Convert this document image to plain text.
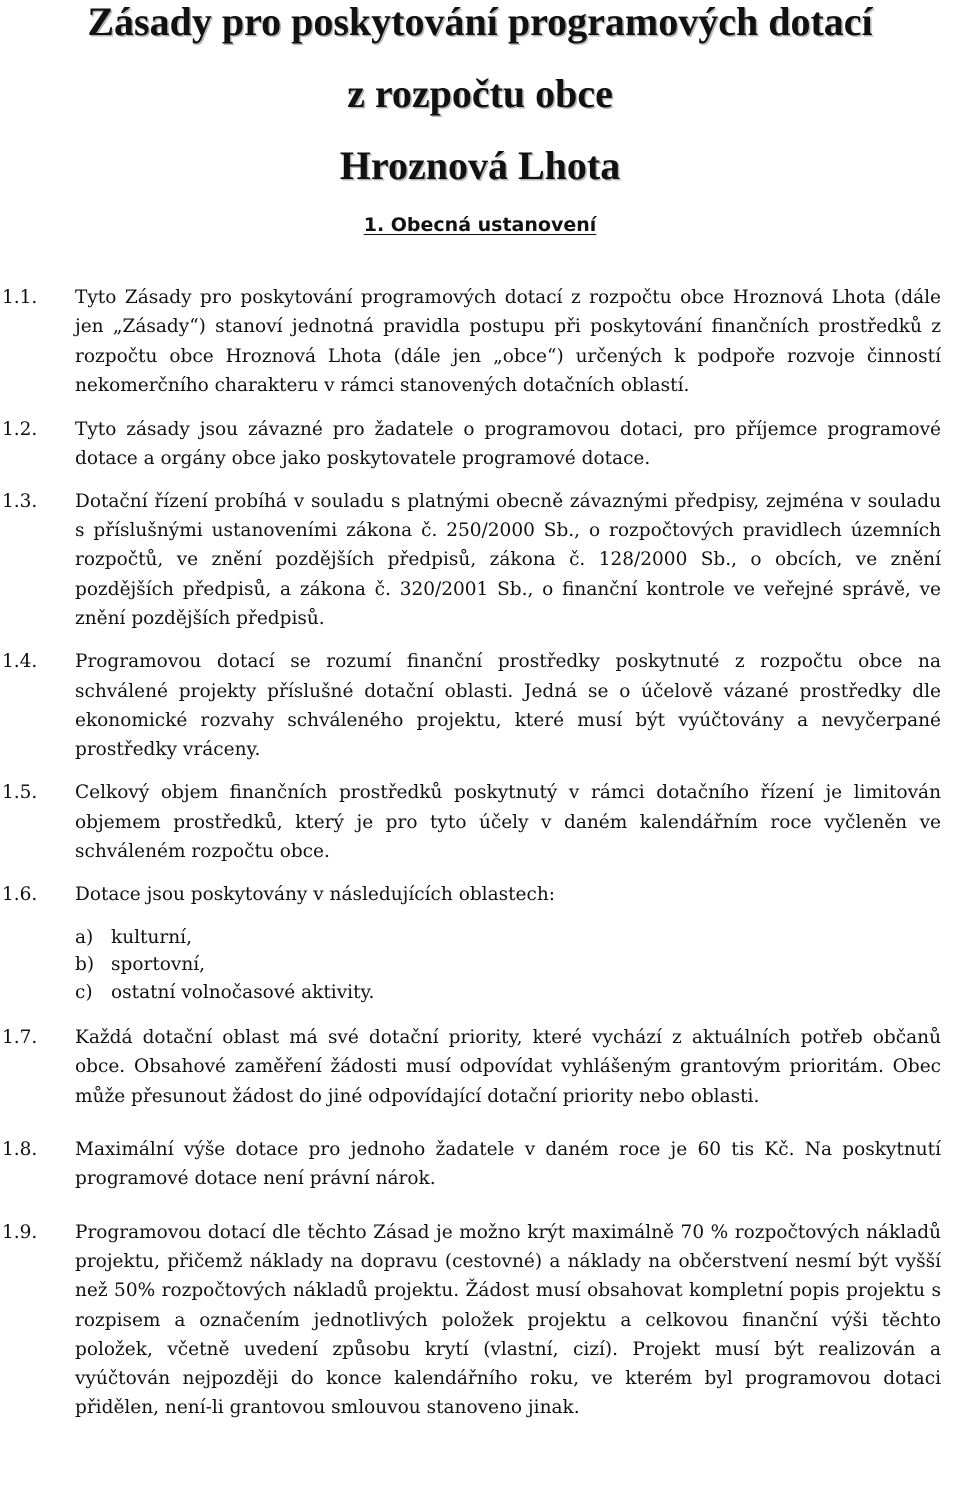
Zásady pro poskytování programových dotací
z rozpočtu obce
Hroznová Lhota
1. Obecná ustanovení
1.1. Tyto Zásady pro poskytování programových dotací z rozpočtu obce Hroznová Lhota (dále jen „Zásady“) stanoví jednotná pravidla postupu při poskytování finančních prostředků z rozpočtu obce Hroznová Lhota (dále jen „obce“) určených k podpoře rozvoje činností nekomerčního charakteru v rámci stanovených dotačních oblastí.
1.2. Tyto zásady jsou závazné pro žadatele o programovou dotaci, pro příjemce programové dotace a orgány obce jako poskytovatele programové dotace.
1.3. Dotační řízení probíhá v souladu s platnými obecně závaznými předpisy, zejména v souladu s příslušnými ustanoveními zákona č. 250/2000 Sb., o rozpočtových pravidlech územních rozpočtů, ve znění pozdějších předpisů, zákona č. 128/2000 Sb., o obcích, ve znění pozdějších předpisů, a zákona č. 320/2001 Sb., o finanční kontrole ve veřejné správě, ve znění pozdějších předpisů.
1.4. Programovou dotací se rozumí finanční prostředky poskytnuté z rozpočtu obce na schválené projekty příslušné dotační oblasti. Jedná se o účelově vázané prostředky dle ekonomické rozvahy schváleného projektu, které musí být vyúčtovány a nevyčerpané prostředky vráceny.
1.5. Celkový objem finančních prostředků poskytnutý v rámci dotačního řízení je limitován objemem prostředků, který je pro tyto účely v daném kalendářním roce vyčleněn ve schváleném rozpočtu obce.
1.6. Dotace jsou poskytovány v následujících oblastech:
a) kulturní,
b) sportovní,
c) ostatní volnočasové aktivity.
1.7. Každá dotační oblast má své dotační priority, které vychází z aktuálních potřeb občanů obce. Obsahové zaměření žádosti musí odpovídat vyhlášeným grantovým prioritám. Obec může přesunout žádost do jiné odpovídající dotační priority nebo oblasti.
1.8. Maximální výše dotace pro jednoho žadatele v daném roce je 60 tis Kč. Na poskytnutí programové dotace není právní nárok.
1.9. Programovou dotací dle těchto Zásad je možno krýt maximálně 70 % rozpočtových nákladů projektu, přičemž náklady na dopravu (cestovné) a náklady na občerstvení nesmí být vyšší než 50% rozpočtových nákladů projektu. Žádost musí obsahovat kompletní popis projektu s rozpisem a označením jednotlivých položek projektu a celkovou finanční výši těchto položek, včetně uvedení způsobu krytí (vlastní, cizí). Projekt musí být realizován a vyúčtován nejpozději do konce kalendářního roku, ve kterém byl programovou dotaci přidělen, není-li grantovou smlouvou stanoveno jinak.
